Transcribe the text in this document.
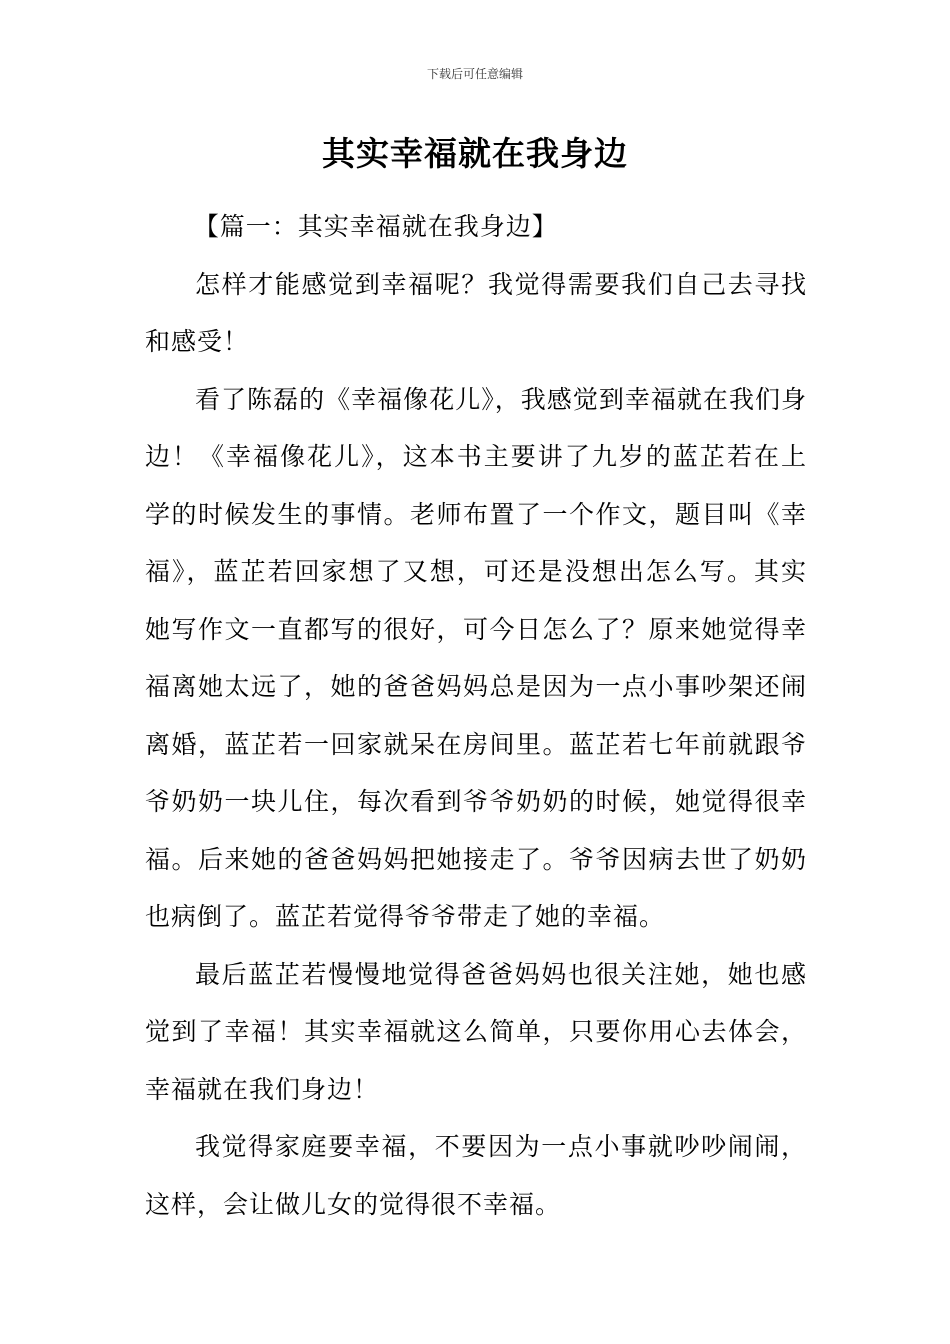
下载后可任意编辑
其实幸福就在我身边

【篇一：其实幸福就在我身边】

怎样才能感觉到幸福呢？我觉得需要我们自己去寻找和感受！

看了陈磊的《幸福像花儿》，我感觉到幸福就在我们身边！《幸福像花儿》，这本书主要讲了九岁的蓝芷若在上学的时候发生的事情。老师布置了一个作文，题目叫《幸福》，蓝芷若回家想了又想，可还是没想出怎么写。其实她写作文一直都写的很好，可今日怎么了？原来她觉得幸福离她太远了，她的爸爸妈妈总是因为一点小事吵架还闹离婚，蓝芷若一回家就呆在房间里。蓝芷若七年前就跟爷爷奶奶一块儿住，每次看到爷爷奶奶的时候，她觉得很幸福。后来她的爸爸妈妈把她接走了。爷爷因病去世了奶奶也病倒了。蓝芷若觉得爷爷带走了她的幸福。

最后蓝芷若慢慢地觉得爸爸妈妈也很关注她，她也感觉到了幸福！其实幸福就这么简单，只要你用心去体会，幸福就在我们身边！

我觉得家庭要幸福，不要因为一点小事就吵吵闹闹，这样，会让做儿女的觉得很不幸福。
